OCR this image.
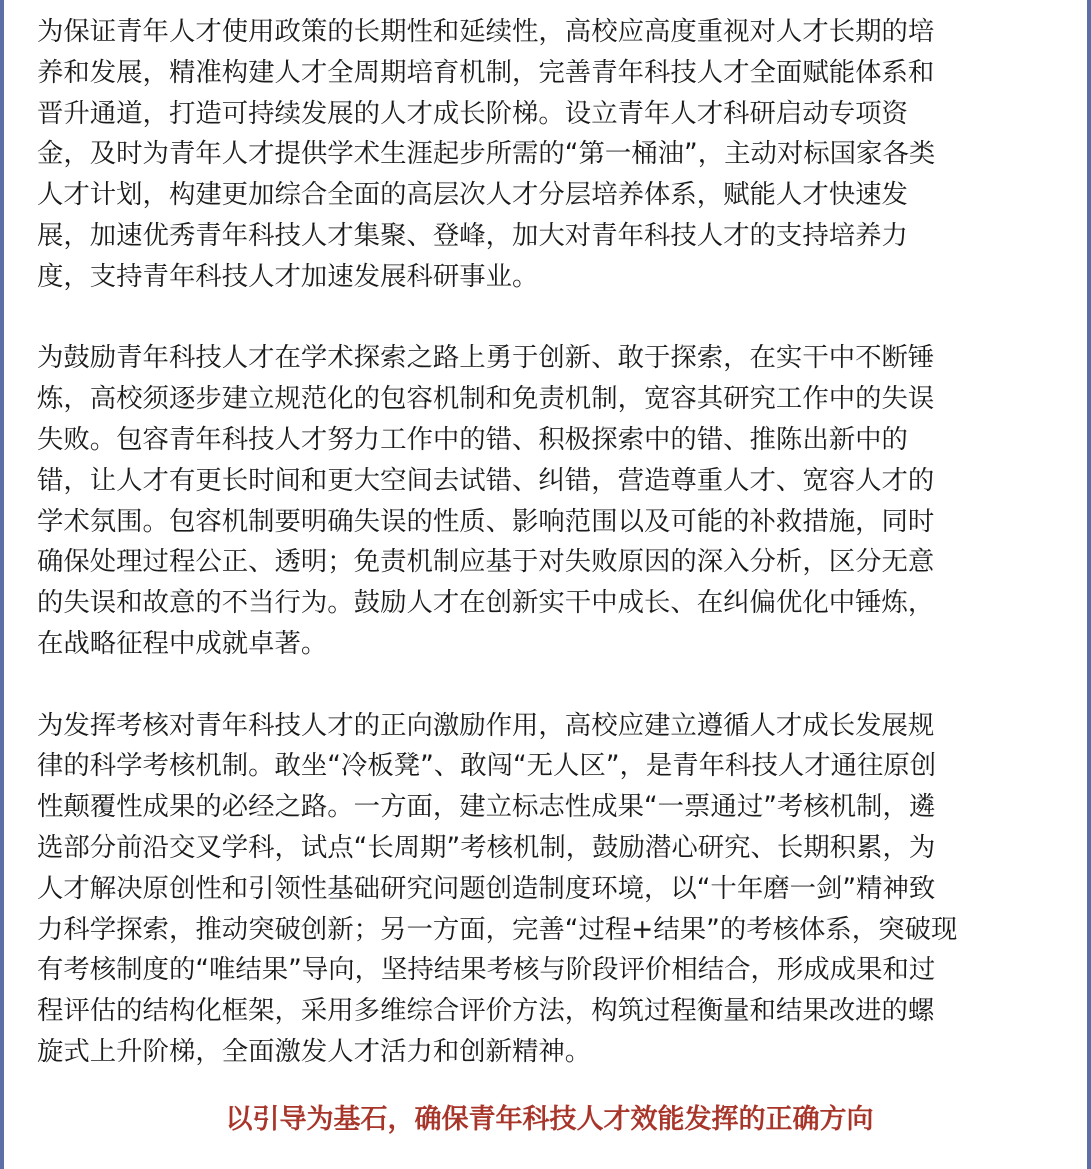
为保证青年人才使用政策的长期性和延续性，高校应高度重视对人才长期的培
养和发展，精准构建人才全周期培育机制，完善青年科技人才全面赋能体系和
晋升通道，打造可持续发展的人才成长阶梯。设立青年人才科研启动专项资
金，及时为青年人才提供学术生涯起步所需的“第一桶油”，主动对标国家各类
人才计划，构建更加综合全面的高层次人才分层培养体系，赋能人才快速发
展，加速优秀青年科技人才集聚、登峰，加大对青年科技人才的支持培养力
度，支持青年科技人才加速发展科研事业。

为鼓励青年科技人才在学术探索之路上勇于创新、敢于探索，在实干中不断锤
炼，高校须逐步建立规范化的包容机制和免责机制，宽容其研究工作中的失误
失败。包容青年科技人才努力工作中的错、积极探索中的错、推陈出新中的
错，让人才有更长时间和更大空间去试错、纠错，营造尊重人才、宽容人才的
学术氛围。包容机制要明确失误的性质、影响范围以及可能的补救措施，同时
确保处理过程公正、透明；免责机制应基于对失败原因的深入分析，区分无意
的失误和故意的不当行为。鼓励人才在创新实干中成长、在纠偏优化中锤炼，
在战略征程中成就卓著。

为发挥考核对青年科技人才的正向激励作用，高校应建立遵循人才成长发展规
律的科学考核机制。敢坐“冷板凳”、敢闯“无人区”，是青年科技人才通往原创
性颠覆性成果的必经之路。一方面，建立标志性成果“一票通过”考核机制，遴
选部分前沿交叉学科，试点“长周期”考核机制，鼓励潜心研究、长期积累，为
人才解决原创性和引领性基础研究问题创造制度环境，以“十年磨一剑”精神致
力科学探索，推动突破创新；另一方面，完善“过程+结果”的考核体系，突破现
有考核制度的“唯结果”导向，坚持结果考核与阶段评价相结合，形成成果和过
程评估的结构化框架，采用多维综合评价方法，构筑过程衡量和结果改进的螺
旋式上升阶梯，全面激发人才活力和创新精神。

以引导为基石，确保青年科技人才效能发挥的正确方向
